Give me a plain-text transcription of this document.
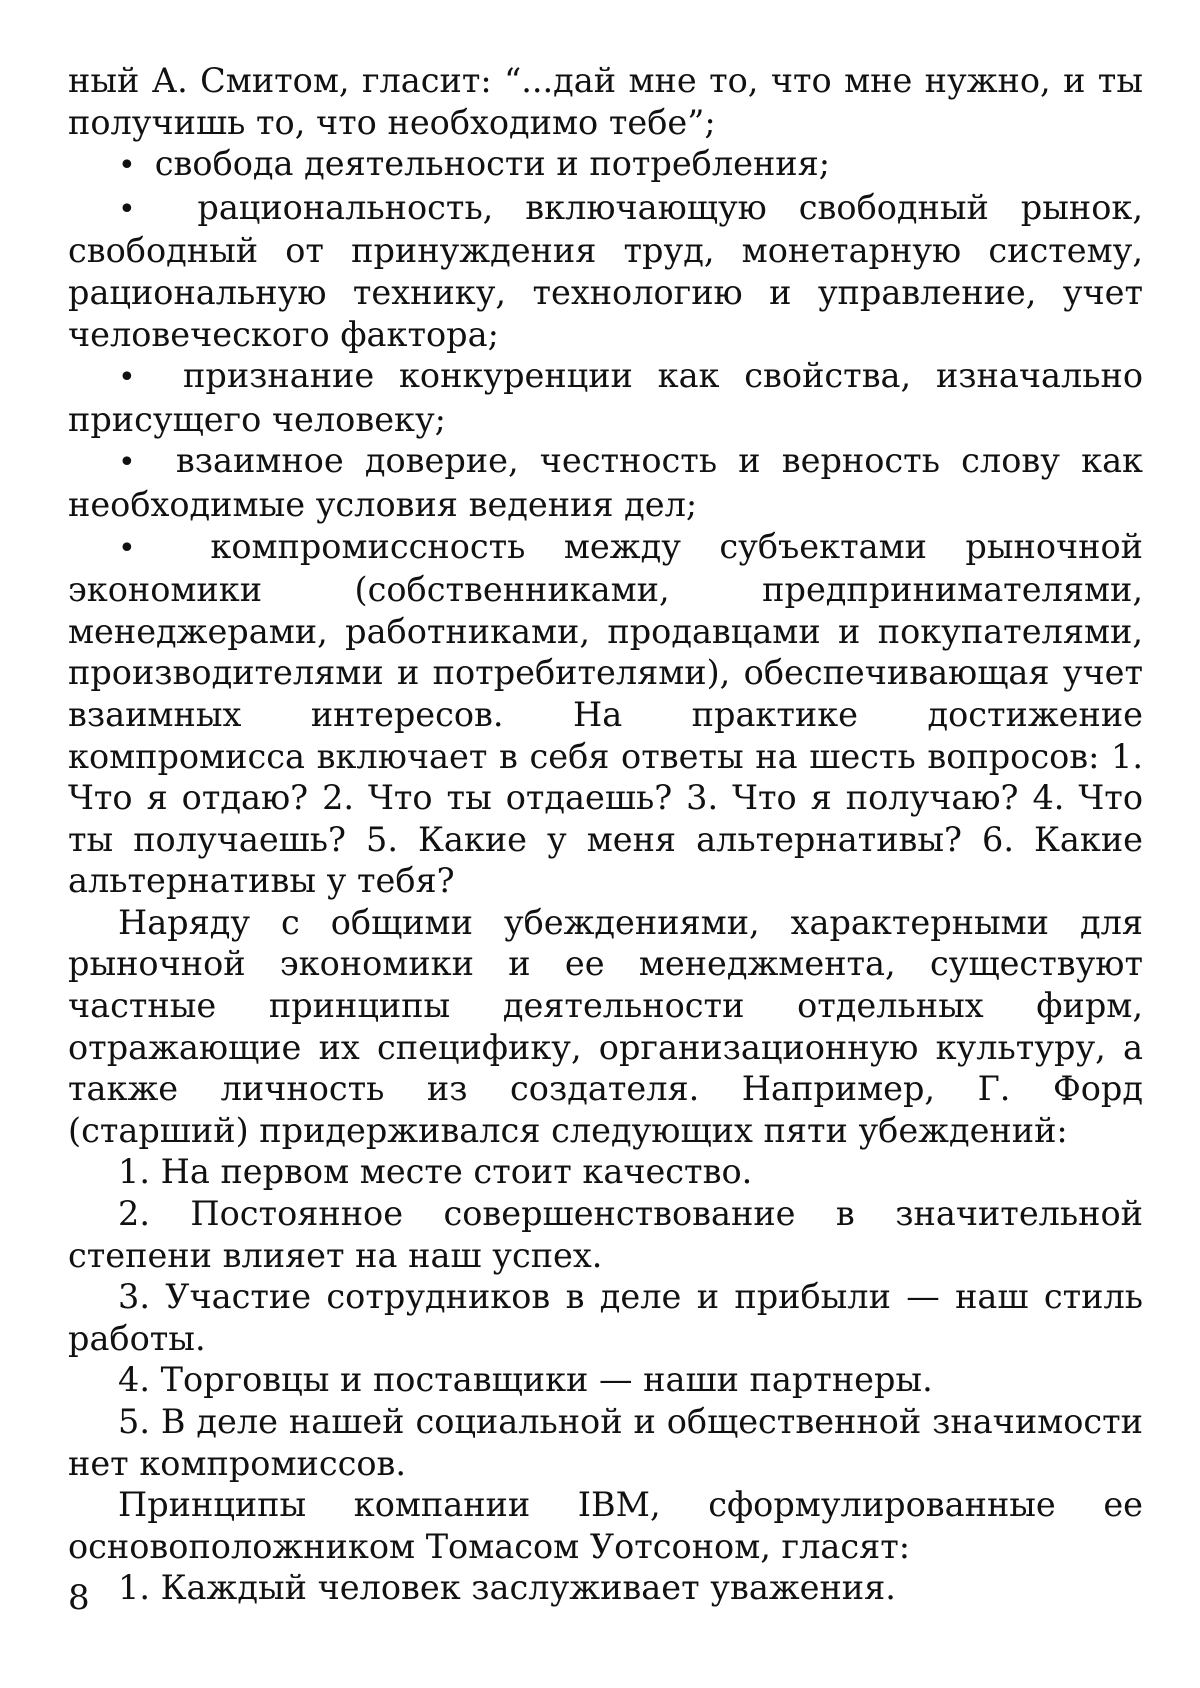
ный А. Смитом, гласит: “...дай мне то, что мне нужно, и ты получишь то, что необходимо тебе”;

•  свобода деятельности и потребления;

•  рациональность, включающую свободный рынок, свободный от принуждения труд, монетарную систему, рациональную технику, технологию и управление, учет человеческого фактора;

•  признание конкуренции как свойства, изначально присущего человеку;

•  взаимное доверие, честность и верность слову как необходимые условия ведения дел;

•  компромиссность между субъектами рыночной экономики (собственниками, предпринимателями, менеджерами, работниками, продавцами и покупателями, производителями и потребителями), обеспечивающая учет взаимных интересов. На практике достижение компромисса включает в себя ответы на шесть вопросов: 1. Что я отдаю? 2. Что ты отдаешь? 3. Что я получаю? 4. Что ты получаешь? 5. Какие у меня альтернативы? 6. Какие альтернативы у тебя?

Наряду с общими убеждениями, характерными для рыночной экономики и ее менеджмента, существуют частные принципы деятельности отдельных фирм, отражающие их специфику, организационную культуру, а также личность из создателя. Например, Г. Форд (старший) придерживался следующих пяти убеждений:

1. На первом месте стоит качество.

2. Постоянное совершенствование в значительной степени влияет на наш успех.

3. Участие сотрудников в деле и прибыли — наш стиль работы.

4. Торговцы и поставщики — наши партнеры.

5. В деле нашей социальной и общественной значимости нет компромиссов.

Принципы компании IBM, сформулированные ее основоположником Томасом Уотсоном, гласят:

1. Каждый человек заслуживает уважения.

8
